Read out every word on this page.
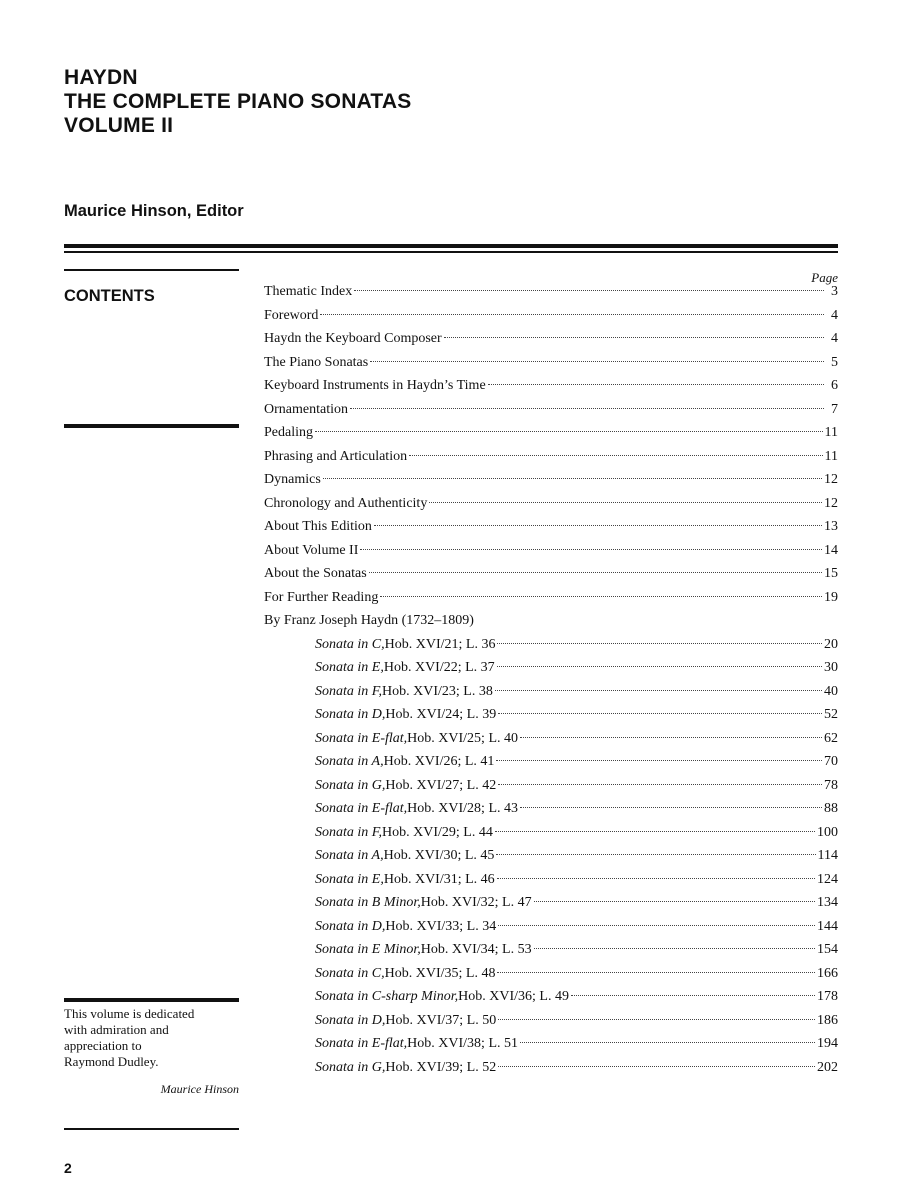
HAYDN
THE COMPLETE PIANO SONATAS
VOLUME II
Maurice Hinson, Editor
CONTENTS
Page
Thematic Index	3
Foreword	4
Haydn the Keyboard Composer	4
The Piano Sonatas	5
Keyboard Instruments in Haydn’s Time	6
Ornamentation	7
Pedaling	11
Phrasing and Articulation	11
Dynamics	12
Chronology and Authenticity	12
About This Edition	13
About Volume II	14
About the Sonatas	15
For Further Reading	19
By Franz Joseph Haydn (1732–1809)
Sonata in C, Hob. XVI/21; L. 36	20
Sonata in E, Hob. XVI/22; L. 37	30
Sonata in F, Hob. XVI/23; L. 38	40
Sonata in D, Hob. XVI/24; L. 39	52
Sonata in E-flat, Hob. XVI/25; L. 40	62
Sonata in A, Hob. XVI/26; L. 41	70
Sonata in G, Hob. XVI/27; L. 42	78
Sonata in E-flat, Hob. XVI/28; L. 43	88
Sonata in F, Hob. XVI/29; L. 44	100
Sonata in A, Hob. XVI/30; L. 45	114
Sonata in E, Hob. XVI/31; L. 46	124
Sonata in B Minor, Hob. XVI/32; L. 47	134
Sonata in D, Hob. XVI/33; L. 34	144
Sonata in E Minor, Hob. XVI/34; L. 53	154
Sonata in C, Hob. XVI/35; L. 48	166
Sonata in C-sharp Minor, Hob. XVI/36; L. 49	178
Sonata in D, Hob. XVI/37; L. 50	186
Sonata in E-flat, Hob. XVI/38; L. 51	194
Sonata in G, Hob. XVI/39; L. 52	202
This volume is dedicated
with admiration and
appreciation to
Raymond Dudley.
Maurice Hinson
2
